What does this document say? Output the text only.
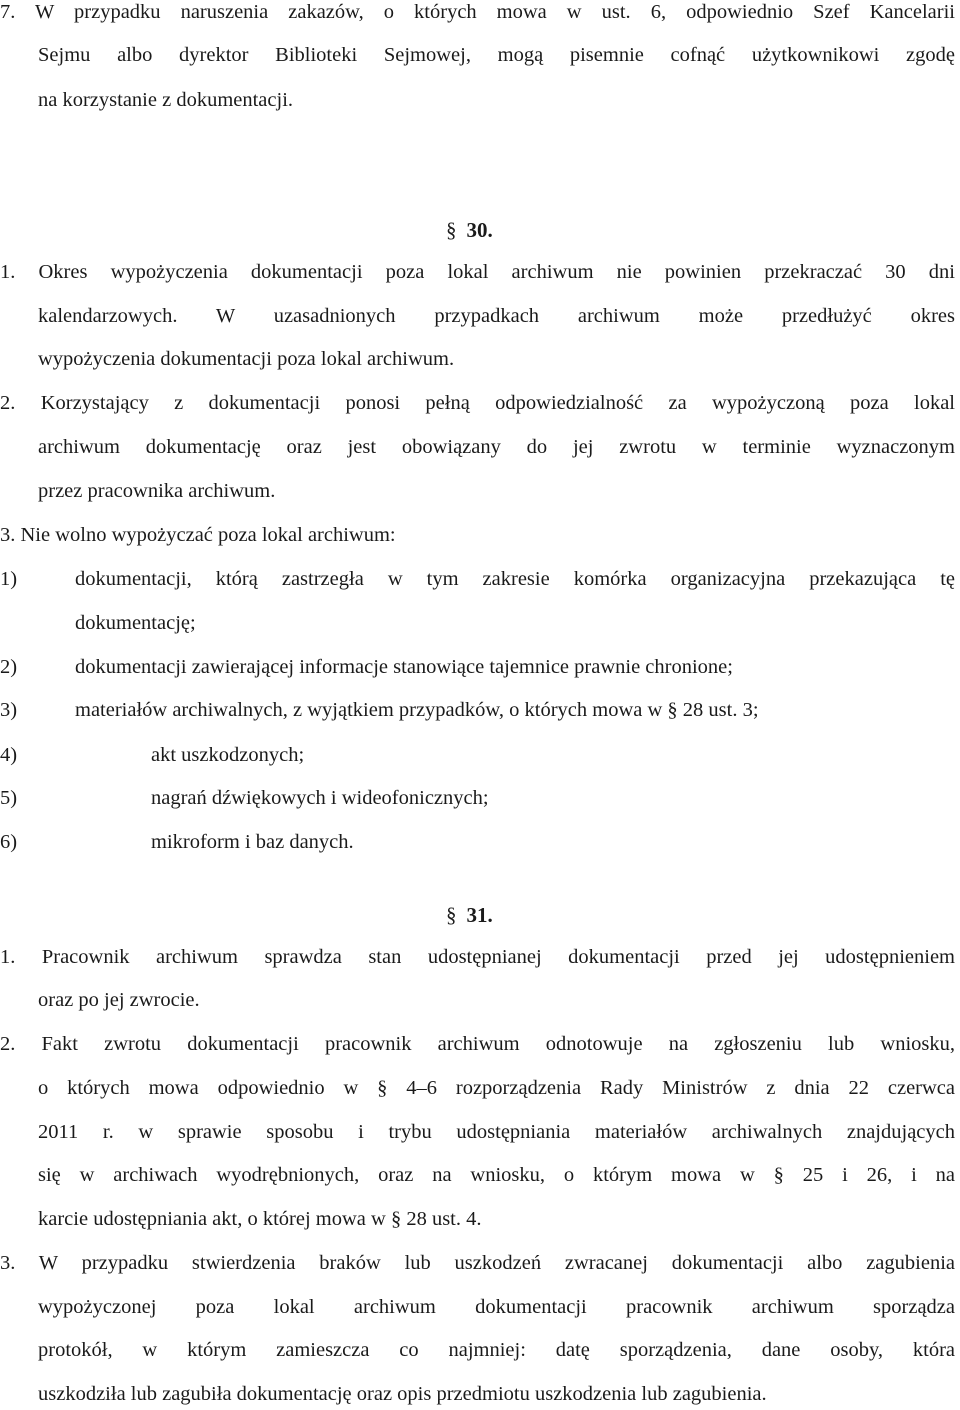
7. W przypadku naruszenia zakazów, o których mowa w ust. 6, odpowiednio Szef Kancelarii
Sejmu albo dyrektor Biblioteki Sejmowej, mogą pisemnie cofnąć użytkownikowi zgodę
na korzystanie z dokumentacji.
§ 30.
1. Okres wypożyczenia dokumentacji poza lokal archiwum nie powinien przekraczać 30 dni
kalendarzowych. W uzasadnionych przypadkach archiwum może przedłużyć okres
wypożyczenia dokumentacji poza lokal archiwum.
2. Korzystający z dokumentacji ponosi pełną odpowiedzialność za wypożyczoną poza lokal
archiwum dokumentację oraz jest obowiązany do jej zwrotu w terminie wyznaczonym
przez pracownika archiwum.
3. Nie wolno wypożyczać poza lokal archiwum:
1)	dokumentacji, którą zastrzegła w tym zakresie komórka organizacyjna przekazująca tę
dokumentację;
2)	dokumentacji zawierającej informacje stanowiące tajemnice prawnie chronione;
3)	materiałów archiwalnych, z wyjątkiem przypadków, o których mowa w § 28 ust. 3;
4)	akt uszkodzonych;
5)	nagrań dźwiękowych i wideofonicznych;
6)	mikroform i baz danych.
§ 31.
1. Pracownik archiwum sprawdza stan udostępnianej dokumentacji przed jej udostępnieniem
oraz po jej zwrocie.
2. Fakt zwrotu dokumentacji pracownik archiwum odnotowuje na zgłoszeniu lub wniosku,
o których mowa odpowiednio w § 4–6 rozporządzenia Rady Ministrów z dnia 22 czerwca
2011 r. w sprawie sposobu i trybu udostępniania materiałów archiwalnych znajdujących
się w archiwach wyodrębnionych, oraz na wniosku, o którym mowa w § 25 i 26, i na
karcie udostępniania akt, o której mowa w § 28 ust. 4.
3. W przypadku stwierdzenia braków lub uszkodzeń zwracanej dokumentacji albo zagubienia
wypożyczonej poza lokal archiwum dokumentacji pracownik archiwum sporządza
protokół, w którym zamieszcza co najmniej: datę sporządzenia, dane osoby, która
uszkodziła lub zagubiła dokumentację oraz opis przedmiotu uszkodzenia lub zagubienia.
